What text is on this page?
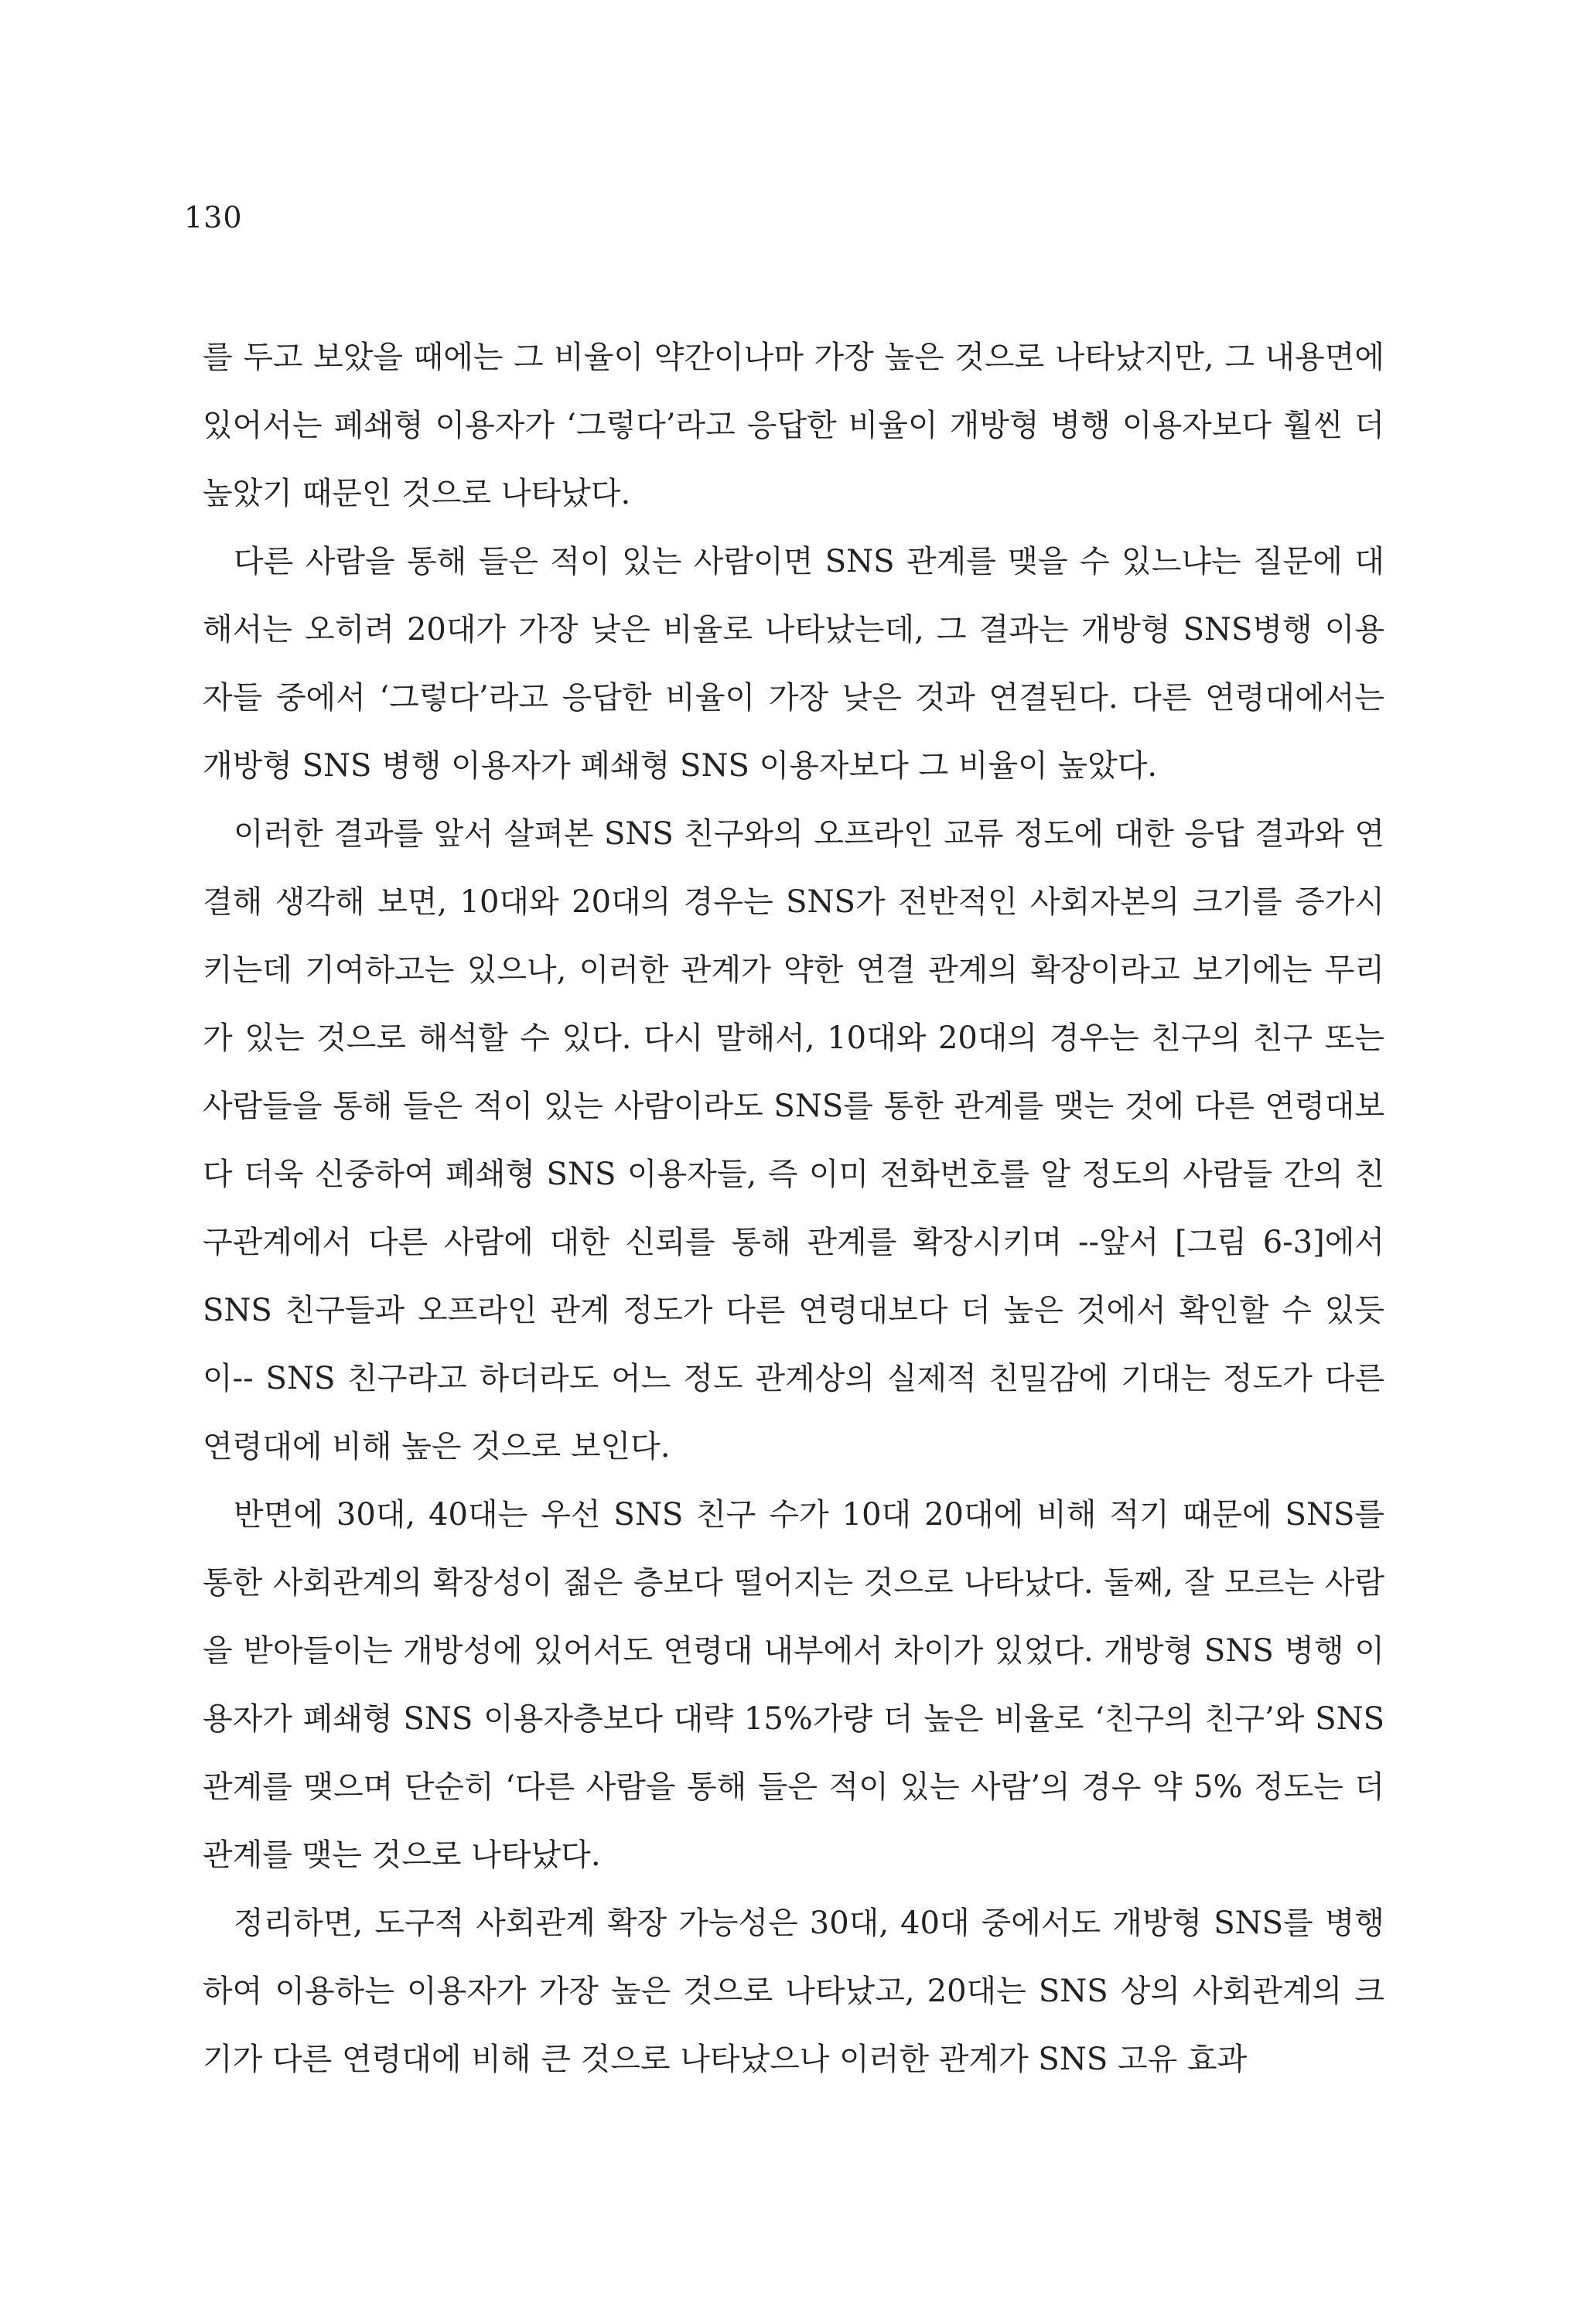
130

를 두고 보았을 때에는 그 비율이 약간이나마 가장 높은 것으로 나타났지만, 그 내용면에 있어서는 폐쇄형 이용자가 ‘그렇다’라고 응답한 비율이 개방형 병행 이용자보다 훨씬 더 높았기 때문인 것으로 나타났다.

다른 사람을 통해 들은 적이 있는 사람이면 SNS 관계를 맺을 수 있느냐는 질문에 대해서는 오히려 20대가 가장 낮은 비율로 나타났는데, 그 결과는 개방형 SNS병행 이용자들 중에서 ‘그렇다’라고 응답한 비율이 가장 낮은 것과 연결된다. 다른 연령대에서는 개방형 SNS 병행 이용자가 폐쇄형 SNS 이용자보다 그 비율이 높았다.

이러한 결과를 앞서 살펴본 SNS 친구와의 오프라인 교류 정도에 대한 응답 결과와 연결해 생각해 보면, 10대와 20대의 경우는 SNS가 전반적인 사회자본의 크기를 증가시키는데 기여하고는 있으나, 이러한 관계가 약한 연결 관계의 확장이라고 보기에는 무리가 있는 것으로 해석할 수 있다. 다시 말해서, 10대와 20대의 경우는 친구의 친구 또는 사람들을 통해 들은 적이 있는 사람이라도 SNS를 통한 관계를 맺는 것에 다른 연령대보다 더욱 신중하여 폐쇄형 SNS 이용자들, 즉 이미 전화번호를 알 정도의 사람들 간의 친구관계에서 다른 사람에 대한 신뢰를 통해 관계를 확장시키며 --앞서 [그림 6-3]에서 SNS 친구들과 오프라인 관계 정도가 다른 연령대보다 더 높은 것에서 확인할 수 있듯이-- SNS 친구라고 하더라도 어느 정도 관계상의 실제적 친밀감에 기대는 정도가 다른 연령대에 비해 높은 것으로 보인다.

반면에 30대, 40대는 우선 SNS 친구 수가 10대 20대에 비해 적기 때문에 SNS를 통한 사회관계의 확장성이 젊은 층보다 떨어지는 것으로 나타났다. 둘째, 잘 모르는 사람을 받아들이는 개방성에 있어서도 연령대 내부에서 차이가 있었다. 개방형 SNS 병행 이용자가 폐쇄형 SNS 이용자층보다 대략 15%가량 더 높은 비율로 ‘친구의 친구’와 SNS 관계를 맺으며 단순히 ‘다른 사람을 통해 들은 적이 있는 사람’의 경우 약 5% 정도는 더 관계를 맺는 것으로 나타났다.

정리하면, 도구적 사회관계 확장 가능성은 30대, 40대 중에서도 개방형 SNS를 병행하여 이용하는 이용자가 가장 높은 것으로 나타났고, 20대는 SNS 상의 사회관계의 크기가 다른 연령대에 비해 큰 것으로 나타났으나 이러한 관계가 SNS 고유 효과
